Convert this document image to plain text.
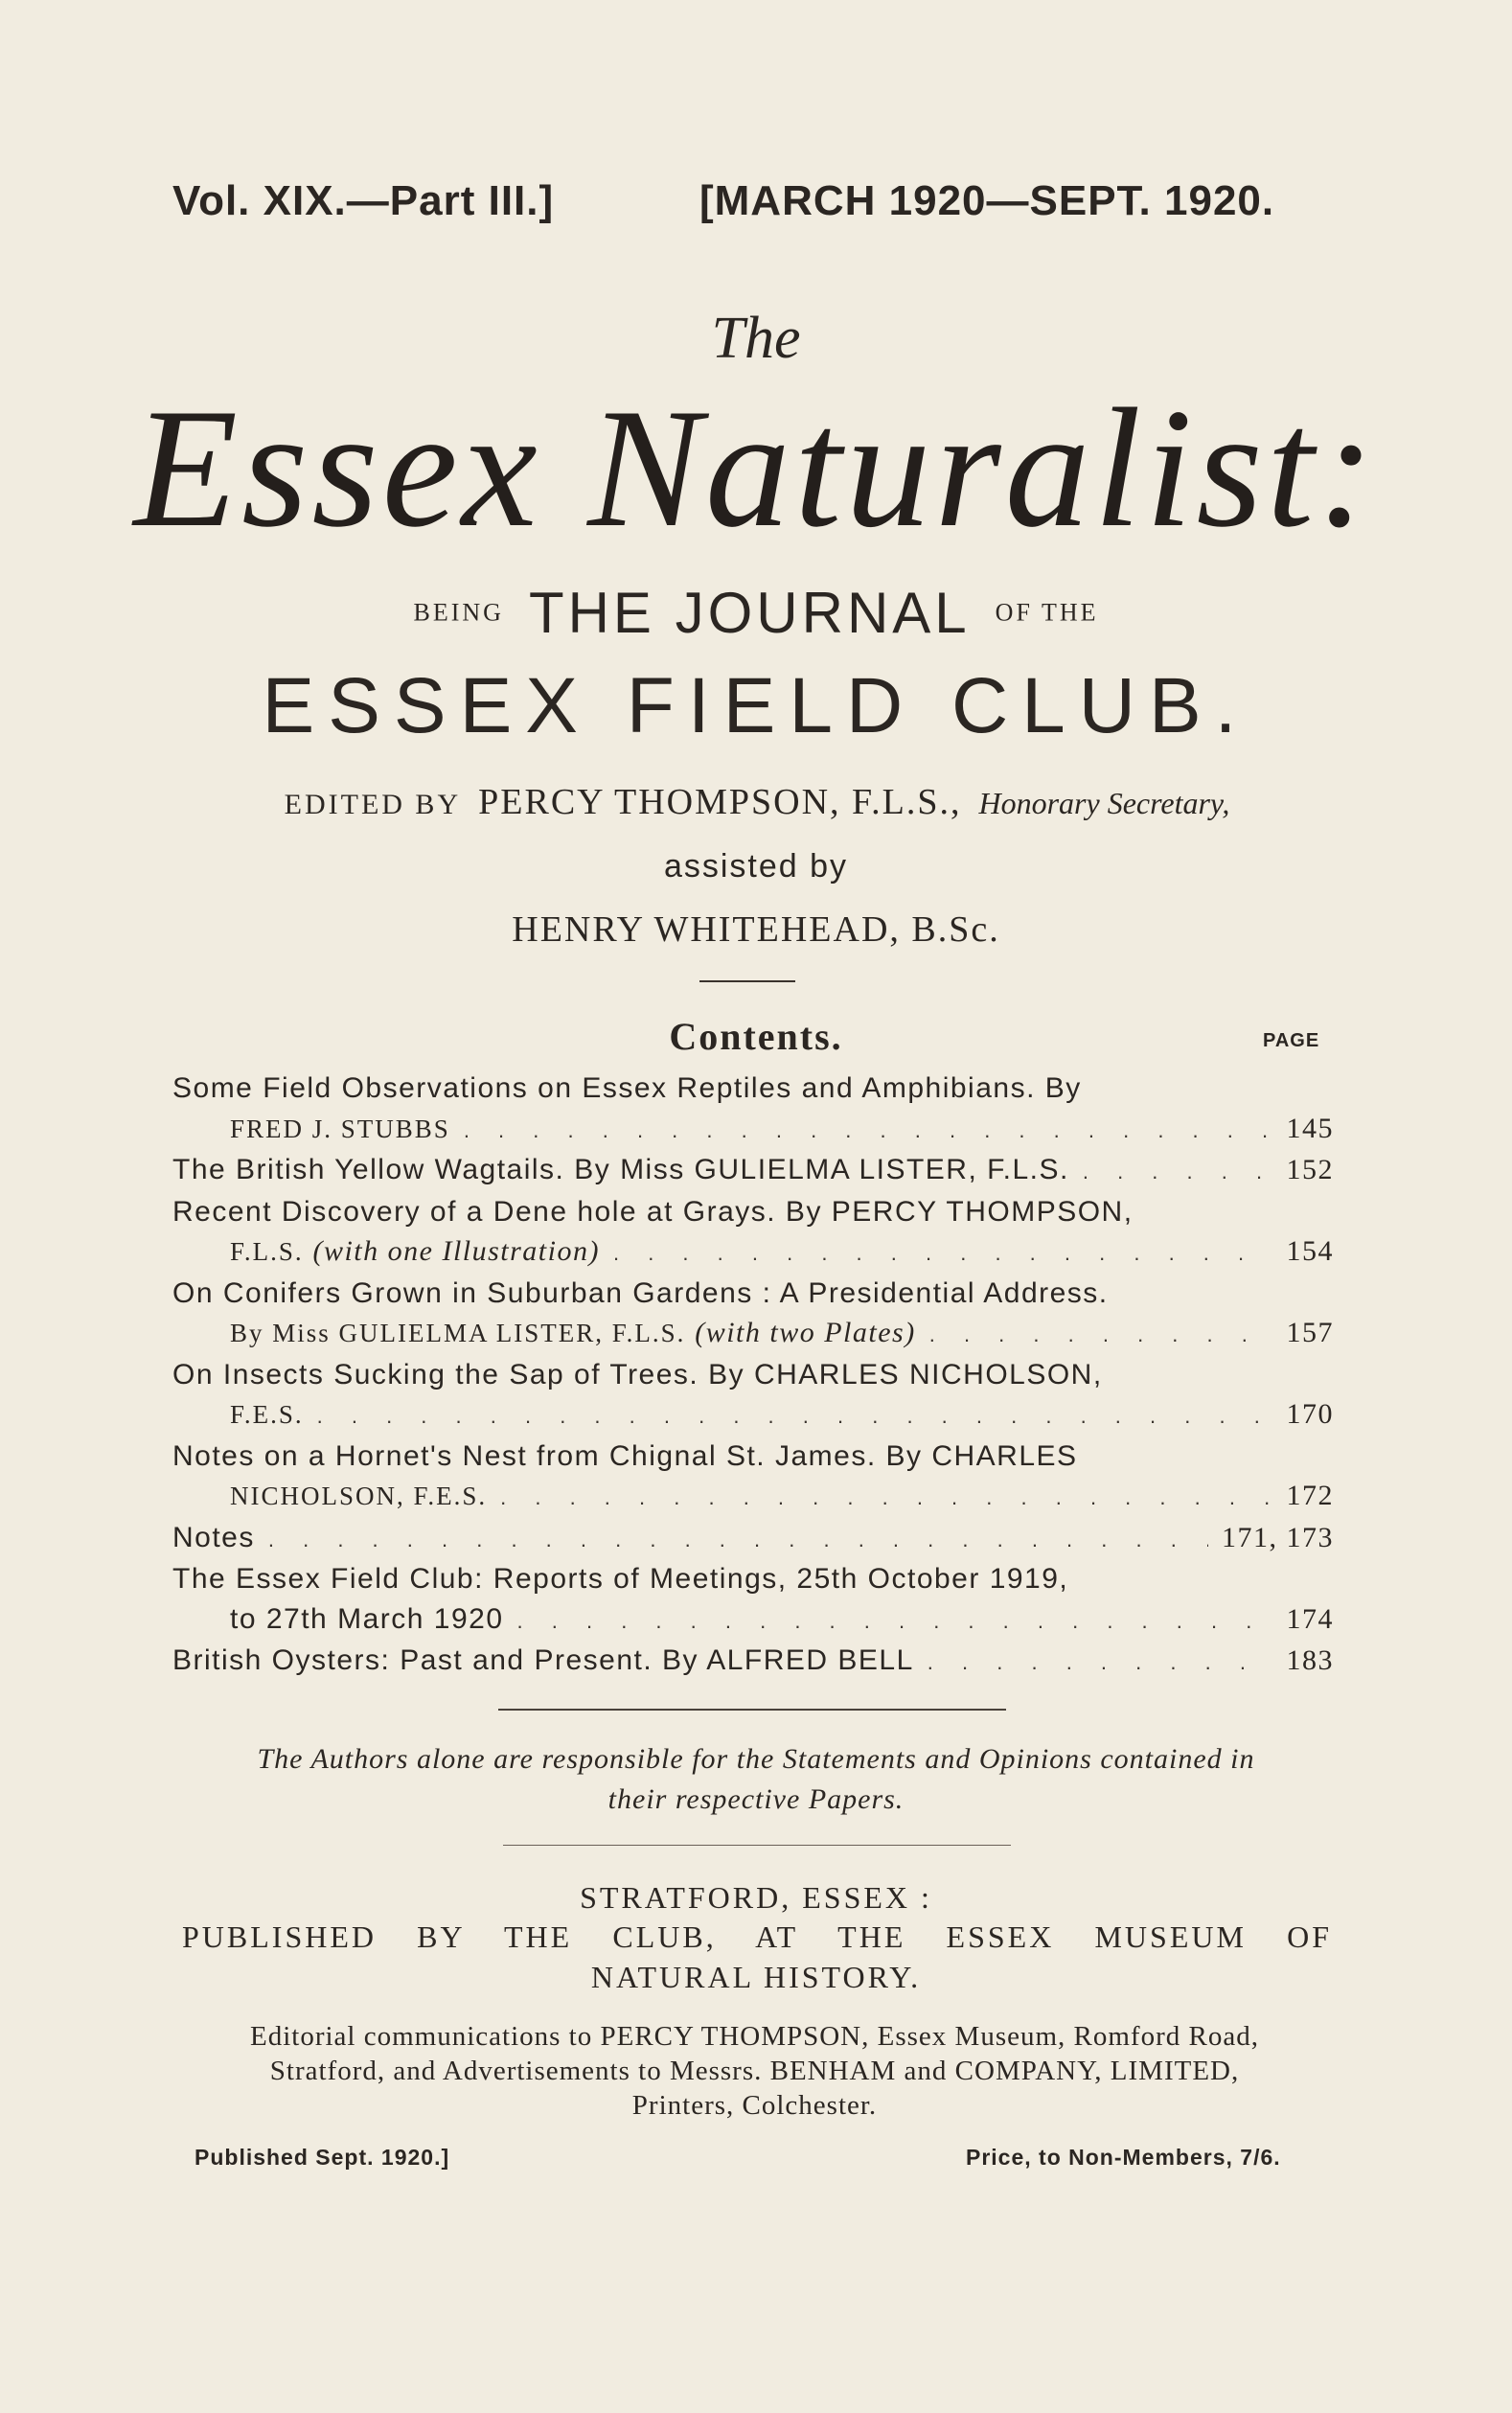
Vol. XIX.—Part III.]	[MARCH 1920—SEPT. 1920.
The
Essex Naturalist:
BEING THE JOURNAL OF THE
ESSEX FIELD CLUB.
EDITED BY PERCY THOMPSON, F.L.S., Honorary Secretary,
assisted by
HENRY WHITEHEAD, B.Sc.
Contents.	PAGE
Some Field Observations on Essex Reptiles and Amphibians. By
FRED J. STUBBS . . .	145
The British Yellow Wagtails. By Miss GULIELMA LISTER, F.L.S. . . .	152
Recent Discovery of a Dene hole at Grays. By PERCY THOMPSON,
F.L.S.
(with one Illustration) . . .	154
On Conifers Grown in Suburban Gardens : A Presidential Address.
By Miss GULIELMA LISTER, F.L.S.
(with two Plates) . . .	157
On Insects Sucking the Sap of Trees. By CHARLES NICHOLSON,
F.E.S. . . .	170
Notes on a Hornet's Nest from Chignal St. James. By CHARLES
NICHOLSON, F.E.S. . . .	172
Notes . . .	171, 173
The Essex Field Club: Reports of Meetings, 25th October 1919,
to 27th March 1920 . . .	174
British Oysters: Past and Present. By ALFRED BELL . . .	183
The Authors alone are responsible for the Statements and Opinions contained in
their respective Papers.
STRATFORD, ESSEX :
PUBLISHED BY THE CLUB, AT THE ESSEX MUSEUM OF
NATURAL HISTORY.
Editorial communications to PERCY THOMPSON, Essex Museum, Romford Road,
Stratford, and Advertisements to Messrs. BENHAM and COMPANY, LIMITED,
Printers, Colchester.
Published Sept. 1920.]	Price, to Non-Members, 7/6.
